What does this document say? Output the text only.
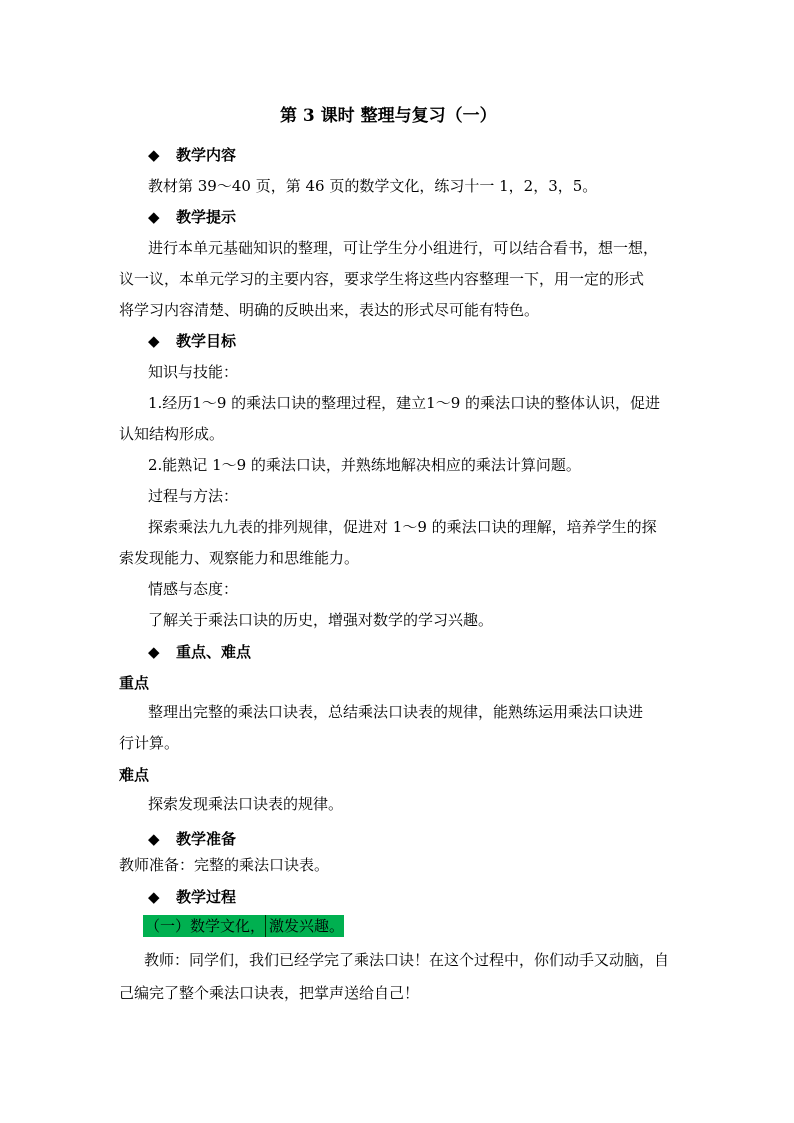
第 3 课时 整理与复习（一）
◆ 教学内容
教材第 39～40 页，第 46 页的数学文化，练习十一 1，2，3，5。
◆ 教学提示
进行本单元基础知识的整理，可让学生分小组进行，可以结合看书，想一想，
议一议，本单元学习的主要内容，要求学生将这些内容整理一下，用一定的形式
将学习内容清楚、明确的反映出来，表达的形式尽可能有特色。
◆ 教学目标
知识与技能：
1.经历1～9 的乘法口诀的整理过程，建立1～9 的乘法口诀的整体认识，促进
认知结构形成。
2.能熟记 1～9 的乘法口诀，并熟练地解决相应的乘法计算问题。
过程与方法：
探索乘法九九表的排列规律，促进对 1～9 的乘法口诀的理解，培养学生的探
索发现能力、观察能力和思维能力。
情感与态度：
了解关于乘法口诀的历史，增强对数学的学习兴趣。
◆ 重点、难点
重点
整理出完整的乘法口诀表，总结乘法口诀表的规律，能熟练运用乘法口诀进
行计算。
难点
探索发现乘法口诀表的规律。
◆ 教学准备
教师准备：完整的乘法口诀表。
◆ 教学过程
（一）数学文化， 激发兴趣。
教师：同学们，我们已经学完了乘法口诀！在这个过程中，你们动手又动脑，自
己编完了整个乘法口诀表，把掌声送给自己！
